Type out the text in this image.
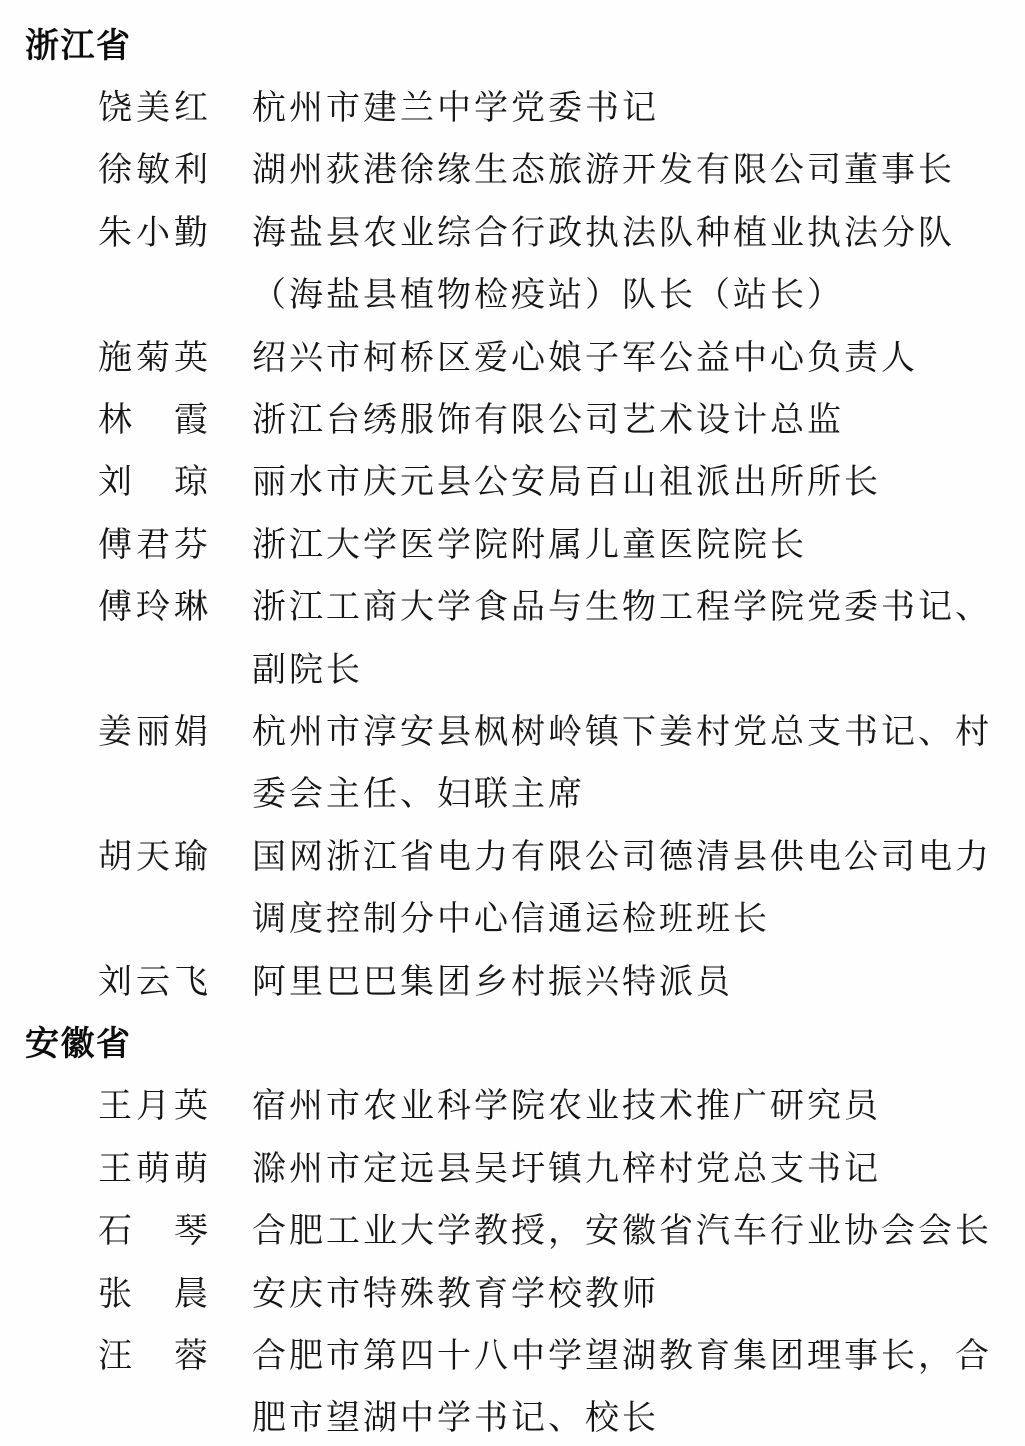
浙江省
饶美红	杭州市建兰中学党委书记
徐敏利	湖州荻港徐缘生态旅游开发有限公司董事长
朱小勤	海盐县农业综合行政执法队种植业执法分队
（海盐县植物检疫站）队长（站长）
施菊英	绍兴市柯桥区爱心娘子军公益中心负责人
林　霞	浙江台绣服饰有限公司艺术设计总监
刘　琼	丽水市庆元县公安局百山祖派出所所长
傅君芬	浙江大学医学院附属儿童医院院长
傅玲琳	浙江工商大学食品与生物工程学院党委书记、
副院长
姜丽娟	杭州市淳安县枫树岭镇下姜村党总支书记、村
委会主任、妇联主席
胡天瑜	国网浙江省电力有限公司德清县供电公司电力
调度控制分中心信通运检班班长
刘云飞	阿里巴巴集团乡村振兴特派员
安徽省
王月英	宿州市农业科学院农业技术推广研究员
王萌萌	滁州市定远县吴圩镇九梓村党总支书记
石　琴	合肥工业大学教授，安徽省汽车行业协会会长
张　晨	安庆市特殊教育学校教师
汪　蓉	合肥市第四十八中学望湖教育集团理事长，合
肥市望湖中学书记、校长
